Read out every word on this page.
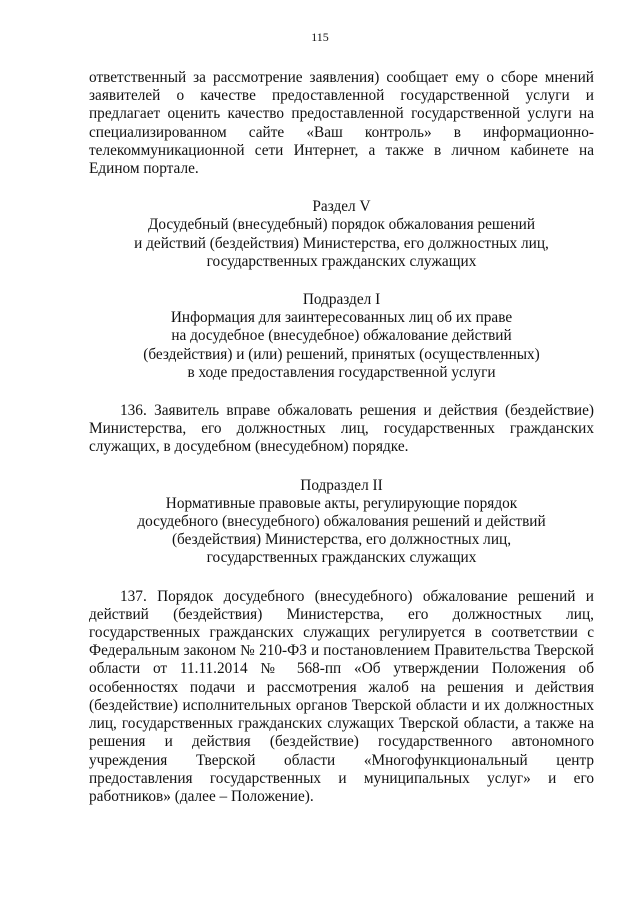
115

ответственный за рассмотрение заявления) сообщает ему о сборе мнений заявителей о качестве предоставленной государственной услуги и предлагает оценить качество предоставленной государственной услуги на специализированном сайте «Ваш контроль» в информационно-телекоммуникационной сети Интернет, а также в личном кабинете на Едином портале.

Раздел V

Досудебный (внесудебный) порядок обжалования решений

и действий (бездействия) Министерства, его должностных лиц,

государственных гражданских служащих

Подраздел I

Информация для заинтересованных лиц об их праве

на досудебное (внесудебное) обжалование действий

(бездействия) и (или) решений, принятых (осуществленных)

в ходе предоставления государственной услуги

136. Заявитель вправе обжаловать решения и действия (бездействие) Министерства, его должностных лиц, государственных гражданских служащих, в досудебном (внесудебном) порядке.

Подраздел II

Нормативные правовые акты, регулирующие порядок

досудебного (внесудебного) обжалования решений и действий

(бездействия) Министерства, его должностных лиц,

государственных гражданских служащих

137. Порядок досудебного (внесудебного) обжалование решений и действий (бездействия) Министерства, его должностных лиц, государственных гражданских служащих регулируется в соответствии с Федеральным законом № 210-ФЗ и постановлением Правительства Тверской области от 11.11.2014 № 568-пп «Об утверждении Положения об особенностях подачи и рассмотрения жалоб на решения и действия (бездействие) исполнительных органов Тверской области и их должностных лиц, государственных гражданских служащих Тверской области, а также на решения и действия (бездействие) государственного автономного учреждения Тверской области «Многофункциональный центр предоставления государственных и муниципальных услуг» и его работников» (далее – Положение).
